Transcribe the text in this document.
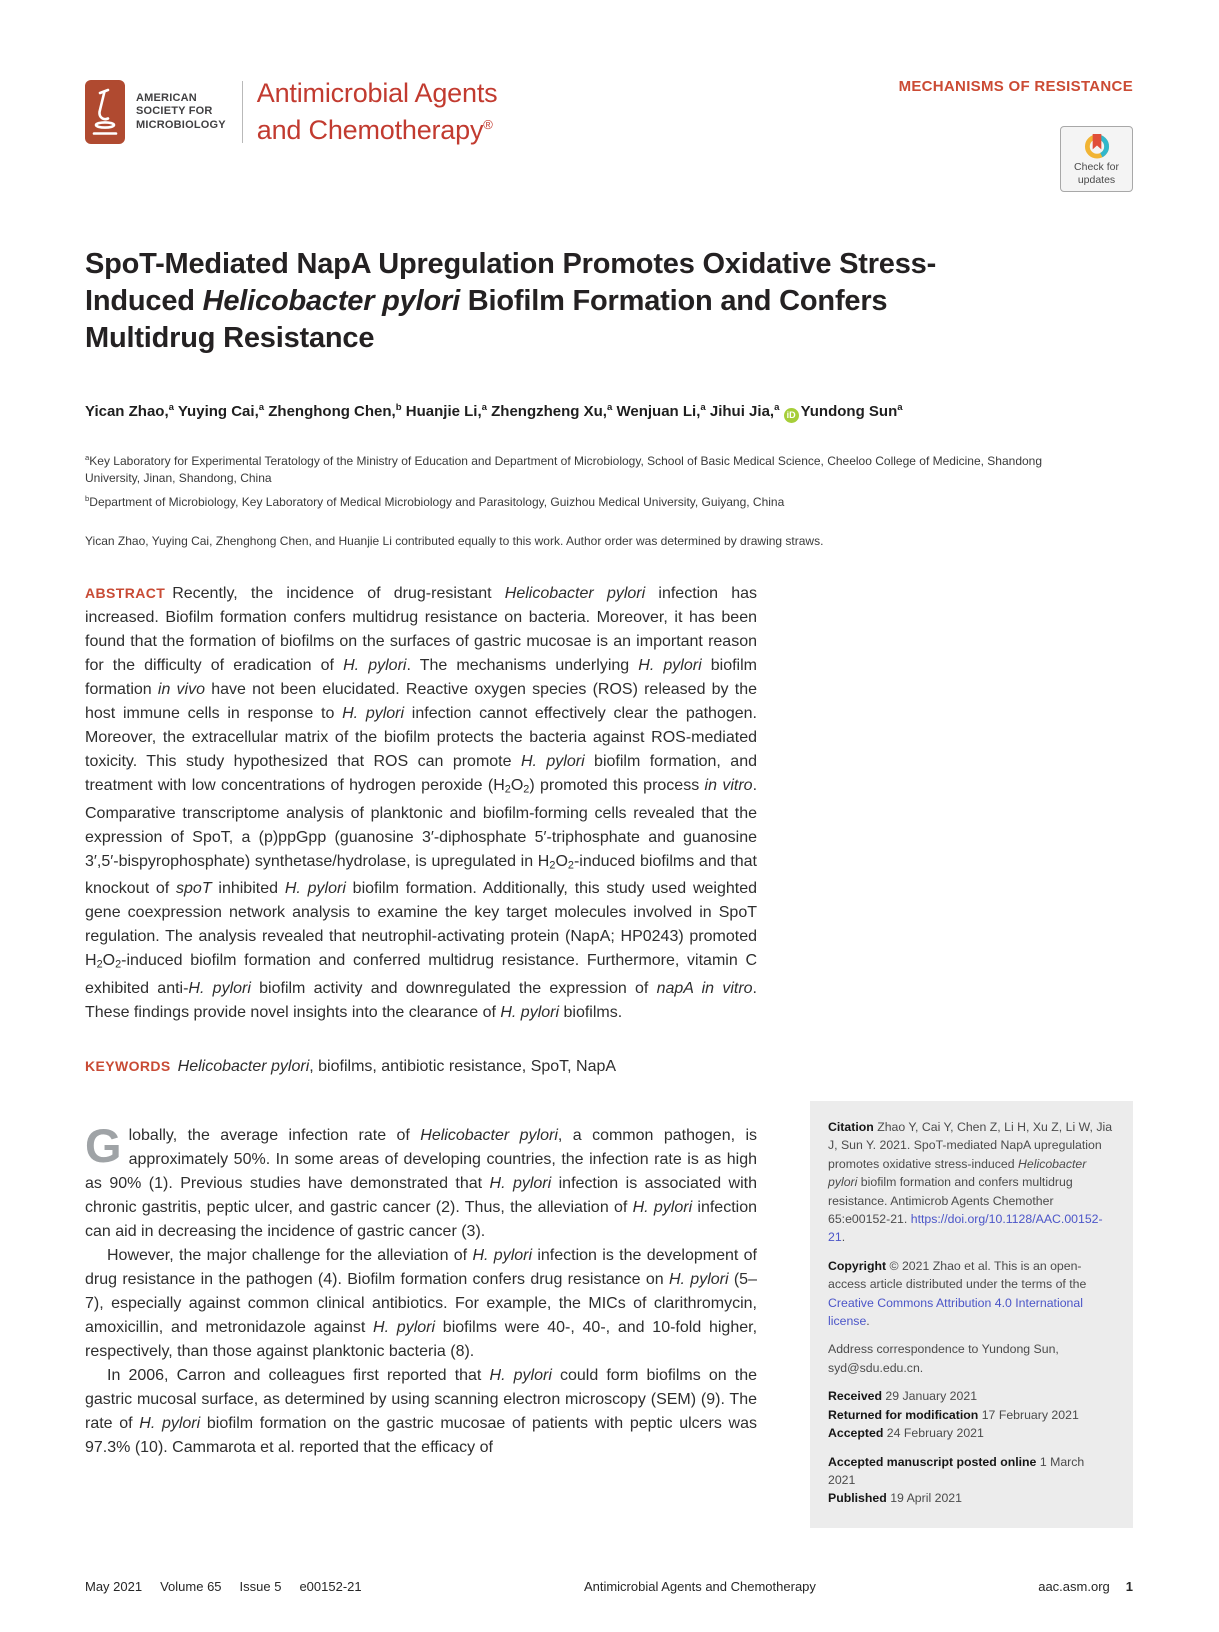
AMERICAN
SOCIETY FOR
MICROBIOLOGY
Antimicrobial Agents
and Chemotherapy®
MECHANISMS OF RESISTANCE
Check for
updates
SpoT-Mediated NapA Upregulation Promotes Oxidative Stress-
Induced Helicobacter pylori Biofilm Formation and Confers
Multidrug Resistance
Yican Zhao,$^a$ Yuying Cai,$^a$ Zhenghong Chen,$^b$ Huanjie Li,$^a$ Zhengzheng Xu,$^a$ Wenjuan Li,$^a$ Jihui Jia,$^a$ iD Yundong Sun$^a$

$^a$Key Laboratory for Experimental Teratology of the Ministry of Education and Department of Microbiology, School of Basic Medical Science, Cheeloo College of Medicine, Shandong University, Jinan, Shandong, China

$^b$Department of Microbiology, Key Laboratory of Medical Microbiology and Parasitology, Guizhou Medical University, Guiyang, China

Yican Zhao, Yuying Cai, Zhenghong Chen, and Huanjie Li contributed equally to this work. Author order was determined by drawing straws.

ABSTRACT Recently, the incidence of drug-resistant Helicobacter pylori infection has increased. Biofilm formation confers multidrug resistance on bacteria. Moreover, it has been found that the formation of biofilms on the surfaces of gastric mucosae is an important reason for the difficulty of eradication of H. pylori. The mechanisms underlying H. pylori biofilm formation in vivo have not been elucidated. Reactive oxygen species (ROS) released by the host immune cells in response to H. pylori infection cannot effectively clear the pathogen. Moreover, the extracellular matrix of the biofilm protects the bacteria against ROS-mediated toxicity. This study hypothesized that ROS can promote H. pylori biofilm formation, and treatment with low concentrations of hydrogen peroxide (H2O2) promoted this process in vitro. Comparative transcriptome analysis of planktonic and biofilm-forming cells revealed that the expression of SpoT, a (p)ppGpp (guanosine 3′-diphosphate 5′-triphosphate and guanosine 3′,5′-bispyrophosphate) synthetase/hydrolase, is upregulated in H2O2-induced biofilms and that knockout of spoT inhibited H. pylori biofilm formation. Additionally, this study used weighted gene coexpression network analysis to examine the key target molecules involved in SpoT regulation. The analysis revealed that neutrophil-activating protein (NapA; HP0243) promoted H2O2-induced biofilm formation and conferred multidrug resistance. Furthermore, vitamin C exhibited anti-H. pylori biofilm activity and downregulated the expression of napA in vitro. These findings provide novel insights into the clearance of H. pylori biofilms.

KEYWORDS Helicobacter pylori, biofilms, antibiotic resistance, SpoT, NapA

Globally, the average infection rate of Helicobacter pylori, a common pathogen, is approximately 50%. In some areas of developing countries, the infection rate is as high as 90% (1). Previous studies have demonstrated that H. pylori infection is associated with chronic gastritis, peptic ulcer, and gastric cancer (2). Thus, the alleviation of H. pylori infection can aid in decreasing the incidence of gastric cancer (3).

However, the major challenge for the alleviation of H. pylori infection is the development of drug resistance in the pathogen (4). Biofilm formation confers drug resistance on H. pylori (5–7), especially against common clinical antibiotics. For example, the MICs of clarithromycin, amoxicillin, and metronidazole against H. pylori biofilms were 40-, 40-, and 10-fold higher, respectively, than those against planktonic bacteria (8).

In 2006, Carron and colleagues first reported that H. pylori could form biofilms on the gastric mucosal surface, as determined by using scanning electron microscopy (SEM) (9). The rate of H. pylori biofilm formation on the gastric mucosae of patients with peptic ulcers was 97.3% (10). Cammarota et al. reported that the efficacy of

Citation Zhao Y, Cai Y, Chen Z, Li H, Xu Z, Li W, Jia J, Sun Y. 2021. SpoT-mediated NapA upregulation promotes oxidative stress-induced Helicobacter pylori biofilm formation and confers multidrug resistance. Antimicrob Agents Chemother 65:e00152-21. https://doi.org/10.1128/AAC.00152-21.

Copyright © 2021 Zhao et al. This is an open-access article distributed under the terms of the Creative Commons Attribution 4.0 International license.

Address correspondence to Yundong Sun, syd@sdu.edu.cn.

Received 29 January 2021

Returned for modification 17 February 2021

Accepted 24 February 2021

Accepted manuscript posted online 1 March 2021

Published 19 April 2021

May 2021 Volume 65 Issue 5 e00152-21	Antimicrobial Agents and Chemotherapy	aac.asm.org 1
